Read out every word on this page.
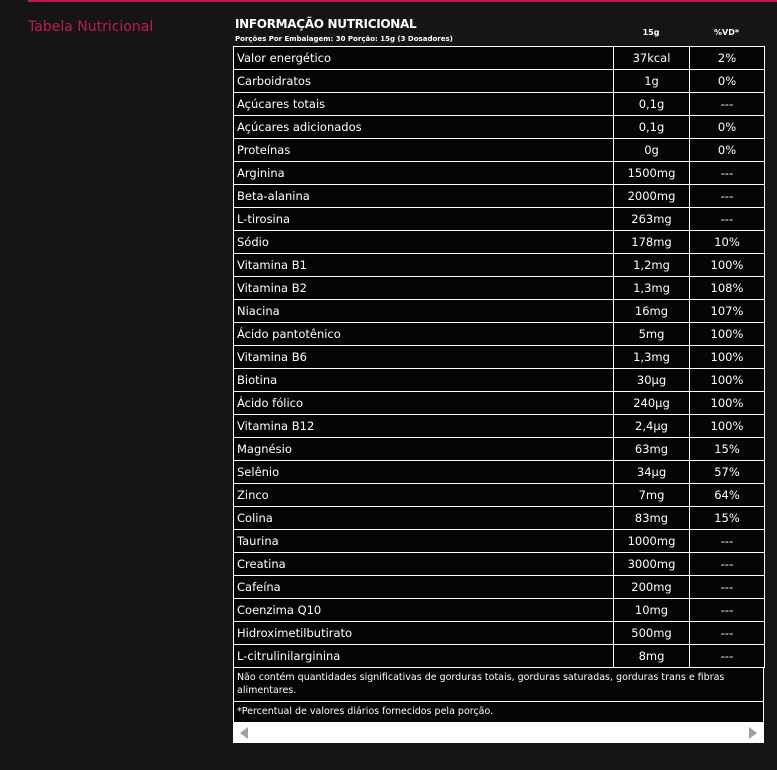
Tabela Nutricional	INFORMAÇÃO NUTRICIONAL
Porções Por Embalagem: 30 Porção: 15g (3 Dosadores)
15g	%VD*
Valor energético	37kcal	2%
Carboidratos	1g	0%
Açúcares totais	0,1g	---
Açúcares adicionados	0,1g	0%
Proteínas	0g	0%
Arginina	1500mg	---
Beta-alanina	2000mg	---
L-tirosina	263mg	---
Sódio	178mg	10%
Vitamina B1	1,2mg	100%
Vitamina B2	1,3mg	108%
Niacina	16mg	107%
Ácido pantotênico	5mg	100%
Vitamina B6	1,3mg	100%
Biotina	30µg	100%
Ácido fólico	240µg	100%
Vitamina B12	2,4µg	100%
Magnésio	63mg	15%
Selênio	34µg	57%
Zinco	7mg	64%
Colina	83mg	15%
Taurina	1000mg	---
Creatina	3000mg	---
Cafeína	200mg	---
Coenzima Q10	10mg	---
Hidroximetilbutirato	500mg	---
L-citrulinilarginina	8mg	---
Não contém quantidades significativas de gorduras totais, gorduras saturadas, gorduras trans e fibras alimentares.
*Percentual de valores diários fornecidos pela porção.
